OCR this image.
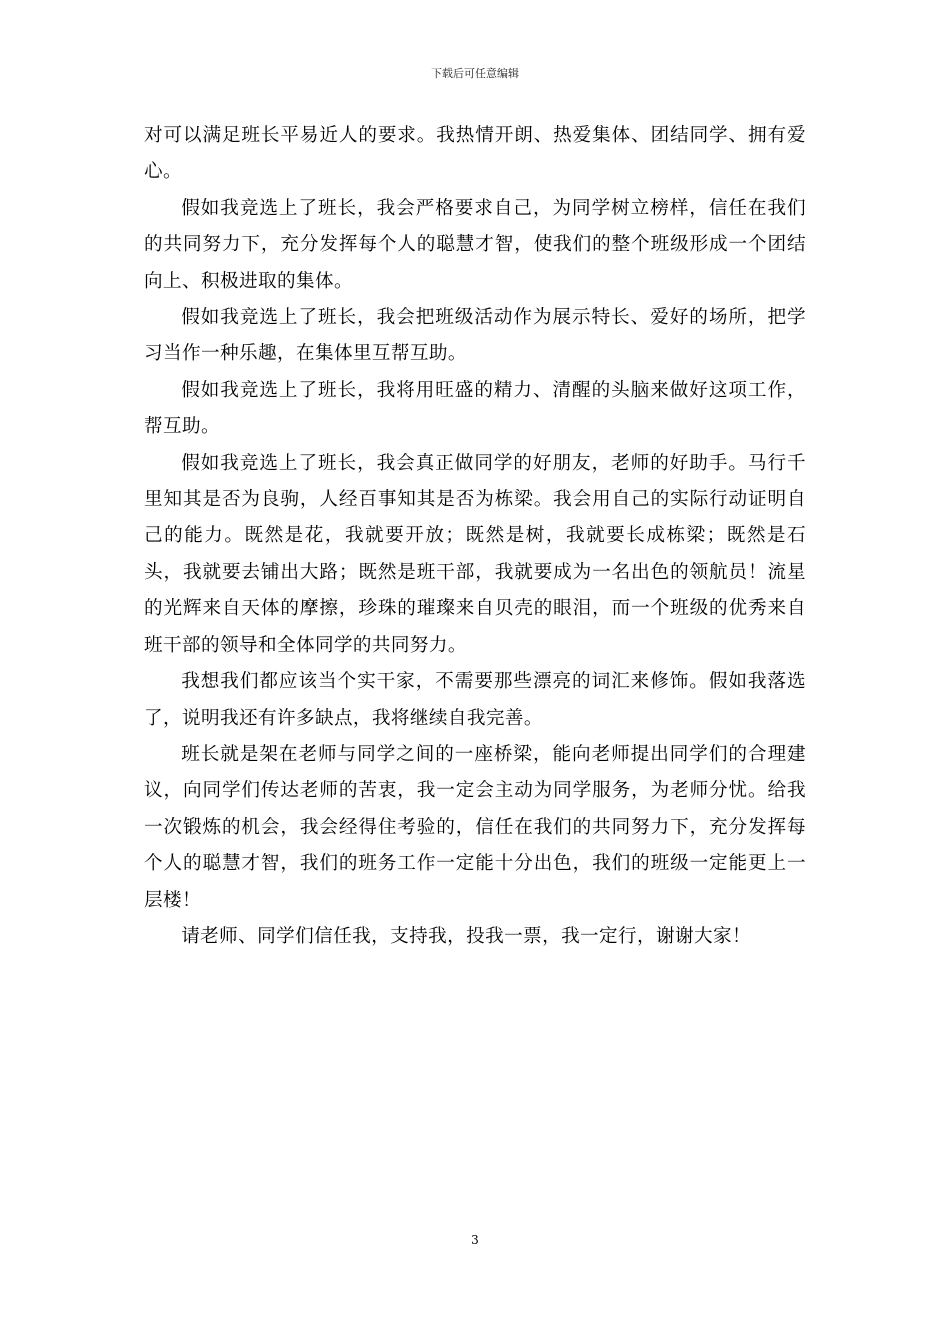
下载后可任意编辑

对可以满足班长平易近人的要求。我热情开朗、热爱集体、团结同学、拥有爱心。

假如我竞选上了班长，我会严格要求自己，为同学树立榜样，信任在我们的共同努力下，充分发挥每个人的聪慧才智，使我们的整个班级形成一个团结向上、积极进取的集体。

假如我竞选上了班长，我会把班级活动作为展示特长、爱好的场所，把学习当作一种乐趣，在集体里互帮互助。

假如我竞选上了班长，我将用旺盛的精力、清醒的头脑来做好这项工作，帮互助。

假如我竞选上了班长，我会真正做同学的好朋友，老师的好助手。马行千里知其是否为良驹，人经百事知其是否为栋梁。我会用自己的实际行动证明自己的能力。既然是花，我就要开放；既然是树，我就要长成栋梁；既然是石头，我就要去铺出大路；既然是班干部，我就要成为一名出色的领航员！流星的光辉来自天体的摩擦，珍珠的璀璨来自贝壳的眼泪，而一个班级的优秀来自班干部的领导和全体同学的共同努力。

我想我们都应该当个实干家，不需要那些漂亮的词汇来修饰。假如我落选了，说明我还有许多缺点，我将继续自我完善。

班长就是架在老师与同学之间的一座桥梁，能向老师提出同学们的合理建议，向同学们传达老师的苦衷，我一定会主动为同学服务，为老师分忧。给我一次锻炼的机会，我会经得住考验的，信任在我们的共同努力下，充分发挥每个人的聪慧才智，我们的班务工作一定能十分出色，我们的班级一定能更上一层楼！

请老师、同学们信任我，支持我，投我一票，我一定行，谢谢大家！

3
